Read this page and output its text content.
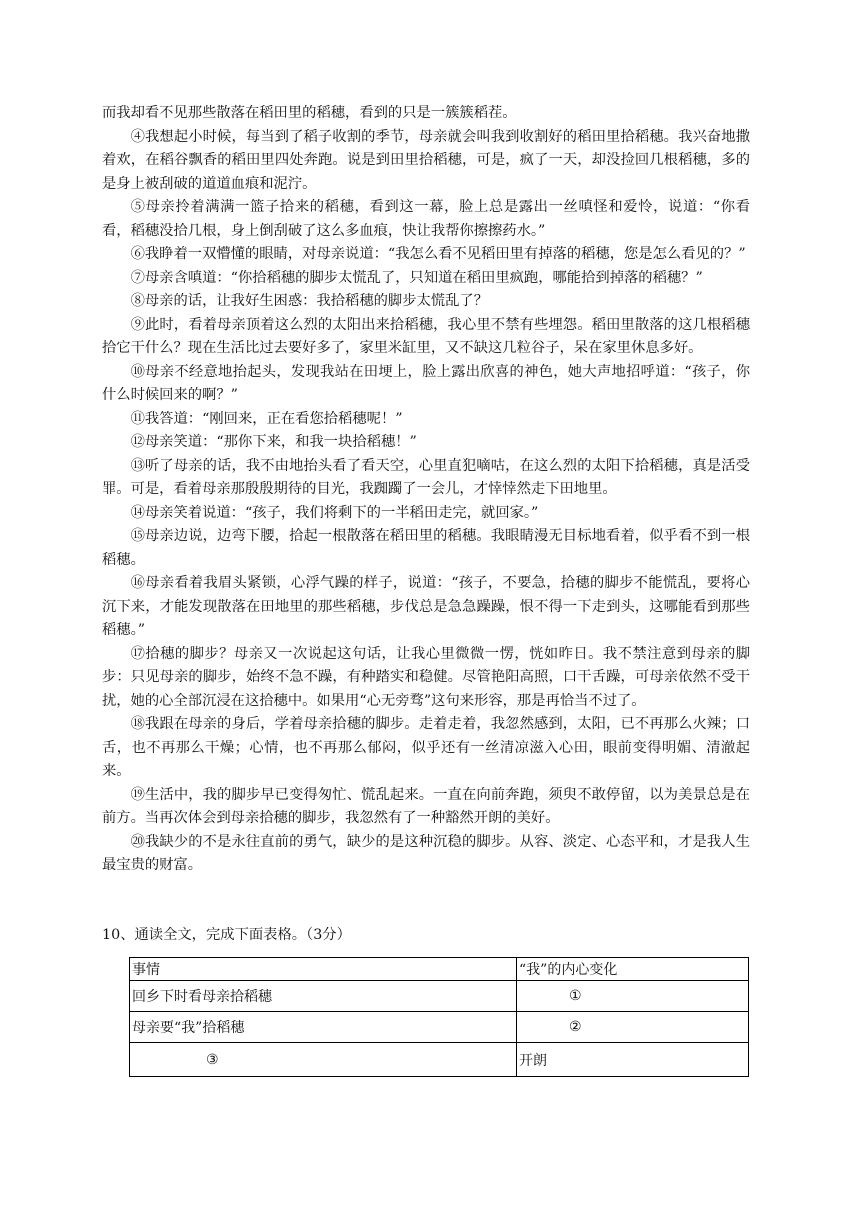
而我却看不见那些散落在稻田里的稻穗，看到的只是一簇簇稻茬。

④我想起小时候，每当到了稻子收割的季节，母亲就会叫我到收割好的稻田里拾稻穗。我兴奋地撒着欢，在稻谷飘香的稻田里四处奔跑。说是到田里拾稻穗，可是，疯了一天，却没捡回几根稻穗，多的是身上被刮破的道道血痕和泥泞。

⑤母亲拎着满满一篮子拾来的稻穗，看到这一幕，脸上总是露出一丝嗔怪和爱怜，说道：“你看看，稻穗没拾几根，身上倒刮破了这么多血痕，快让我帮你擦擦药水。”

⑥我睁着一双懵懂的眼睛，对母亲说道：“我怎么看不见稻田里有掉落的稻穗，您是怎么看见的？”

⑦母亲含嗔道：“你拾稻穗的脚步太慌乱了，只知道在稻田里疯跑，哪能拾到掉落的稻穗？”

⑧母亲的话，让我好生困惑：我拾稻穗的脚步太慌乱了？

⑨此时，看着母亲顶着这么烈的太阳出来拾稻穗，我心里不禁有些埋怨。稻田里散落的这几根稻穗拾它干什么？现在生活比过去要好多了，家里米缸里，又不缺这几粒谷子，呆在家里休息多好。

⑩母亲不经意地抬起头，发现我站在田埂上，脸上露出欣喜的神色，她大声地招呼道：“孩子，你什么时候回来的啊？”

⑪我答道：“刚回来，正在看您拾稻穗呢！”

⑫母亲笑道：“那你下来，和我一块拾稻穗！”

⑬听了母亲的话，我不由地抬头看了看天空，心里直犯嘀咕，在这么烈的太阳下拾稻穗，真是活受罪。可是，看着母亲那殷殷期待的目光，我踟躅了一会儿，才悻悻然走下田地里。

⑭母亲笑着说道：“孩子，我们将剩下的一半稻田走完，就回家。”

⑮母亲边说，边弯下腰，拾起一根散落在稻田里的稻穗。我眼睛漫无目标地看着，似乎看不到一根稻穗。

⑯母亲看着我眉头紧锁，心浮气躁的样子，说道：“孩子，不要急，拾穗的脚步不能慌乱，要将心沉下来，才能发现散落在田地里的那些稻穗，步伐总是急急躁躁，恨不得一下走到头，这哪能看到那些稻穗。”

⑰拾穗的脚步？母亲又一次说起这句话，让我心里微微一愣，恍如昨日。我不禁注意到母亲的脚步：只见母亲的脚步，始终不急不躁，有种踏实和稳健。尽管艳阳高照，口干舌躁，可母亲依然不受干扰，她的心全部沉浸在这拾穗中。如果用“心无旁骛”这句来形容，那是再恰当不过了。

⑱我跟在母亲的身后，学着母亲拾穗的脚步。走着走着，我忽然感到，太阳，已不再那么火辣；口舌，也不再那么干燥；心情，也不再那么郁闷，似乎还有一丝清凉滋入心田，眼前变得明媚、清澈起来。

⑲生活中，我的脚步早已变得匆忙、慌乱起来。一直在向前奔跑，须臾不敢停留，以为美景总是在前方。当再次体会到母亲拾穗的脚步，我忽然有了一种豁然开朗的美好。

⑳我缺少的不是永往直前的勇气，缺少的是这种沉稳的脚步。从容、淡定、心态平和，才是我人生最宝贵的财富。

10、通读全文，完成下面表格。（3分）

事情	“我”的内心变化
回乡下时看母亲拾稻穗	①
母亲要“我”拾稻穗	②
③	开朗
